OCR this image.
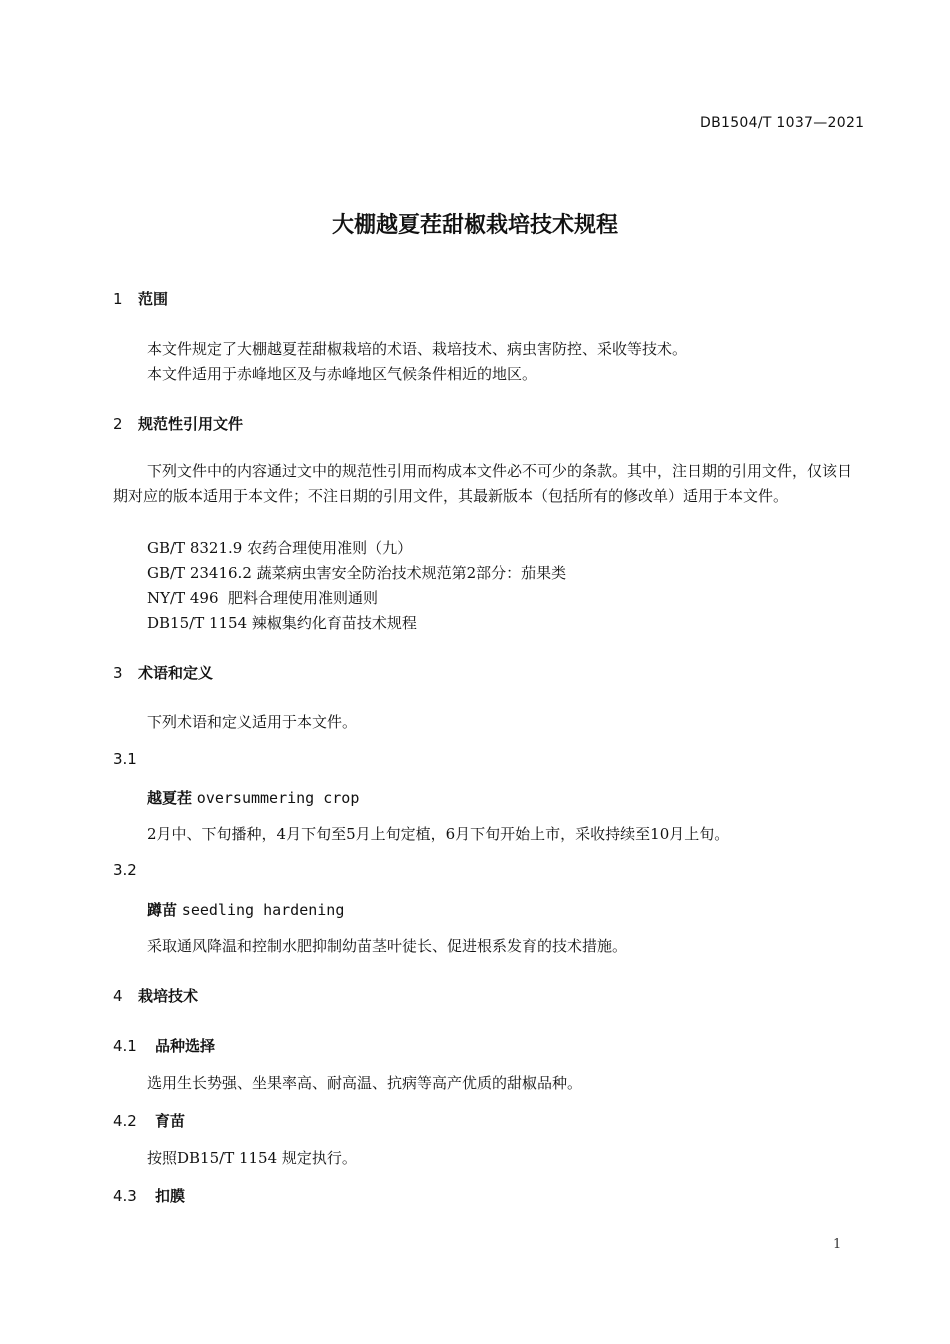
DB1504/T 1037—2021
大棚越夏茬甜椒栽培技术规程
1 范围
本文件规定了大棚越夏茬甜椒栽培的术语、栽培技术、病虫害防控、采收等技术。
本文件适用于赤峰地区及与赤峰地区气候条件相近的地区。
2 规范性引用文件
下列文件中的内容通过文中的规范性引用而构成本文件必不可少的条款。其中，注日期的引用文件，仅该日期对应的版本适用于本文件；不注日期的引用文件，其最新版本（包括所有的修改单）适用于本文件。
GB/T 8321.9 农药合理使用准则（九）
GB/T 23416.2 蔬菜病虫害安全防治技术规范第2部分：茄果类
NY/T 496  肥料合理使用准则通则
DB15/T 1154 辣椒集约化育苗技术规程
3 术语和定义
下列术语和定义适用于本文件。
3.1
越夏茬 oversummering crop
2月中、下旬播种，4月下旬至5月上旬定植，6月下旬开始上市，采收持续至10月上旬。
3.2
蹲苗 seedling hardening
采取通风降温和控制水肥抑制幼苗茎叶徒长、促进根系发育的技术措施。
4 栽培技术
4.1 品种选择
选用生长势强、坐果率高、耐高温、抗病等高产优质的甜椒品种。
4.2 育苗
按照DB15/T 1154 规定执行。
4.3 扣膜
1
